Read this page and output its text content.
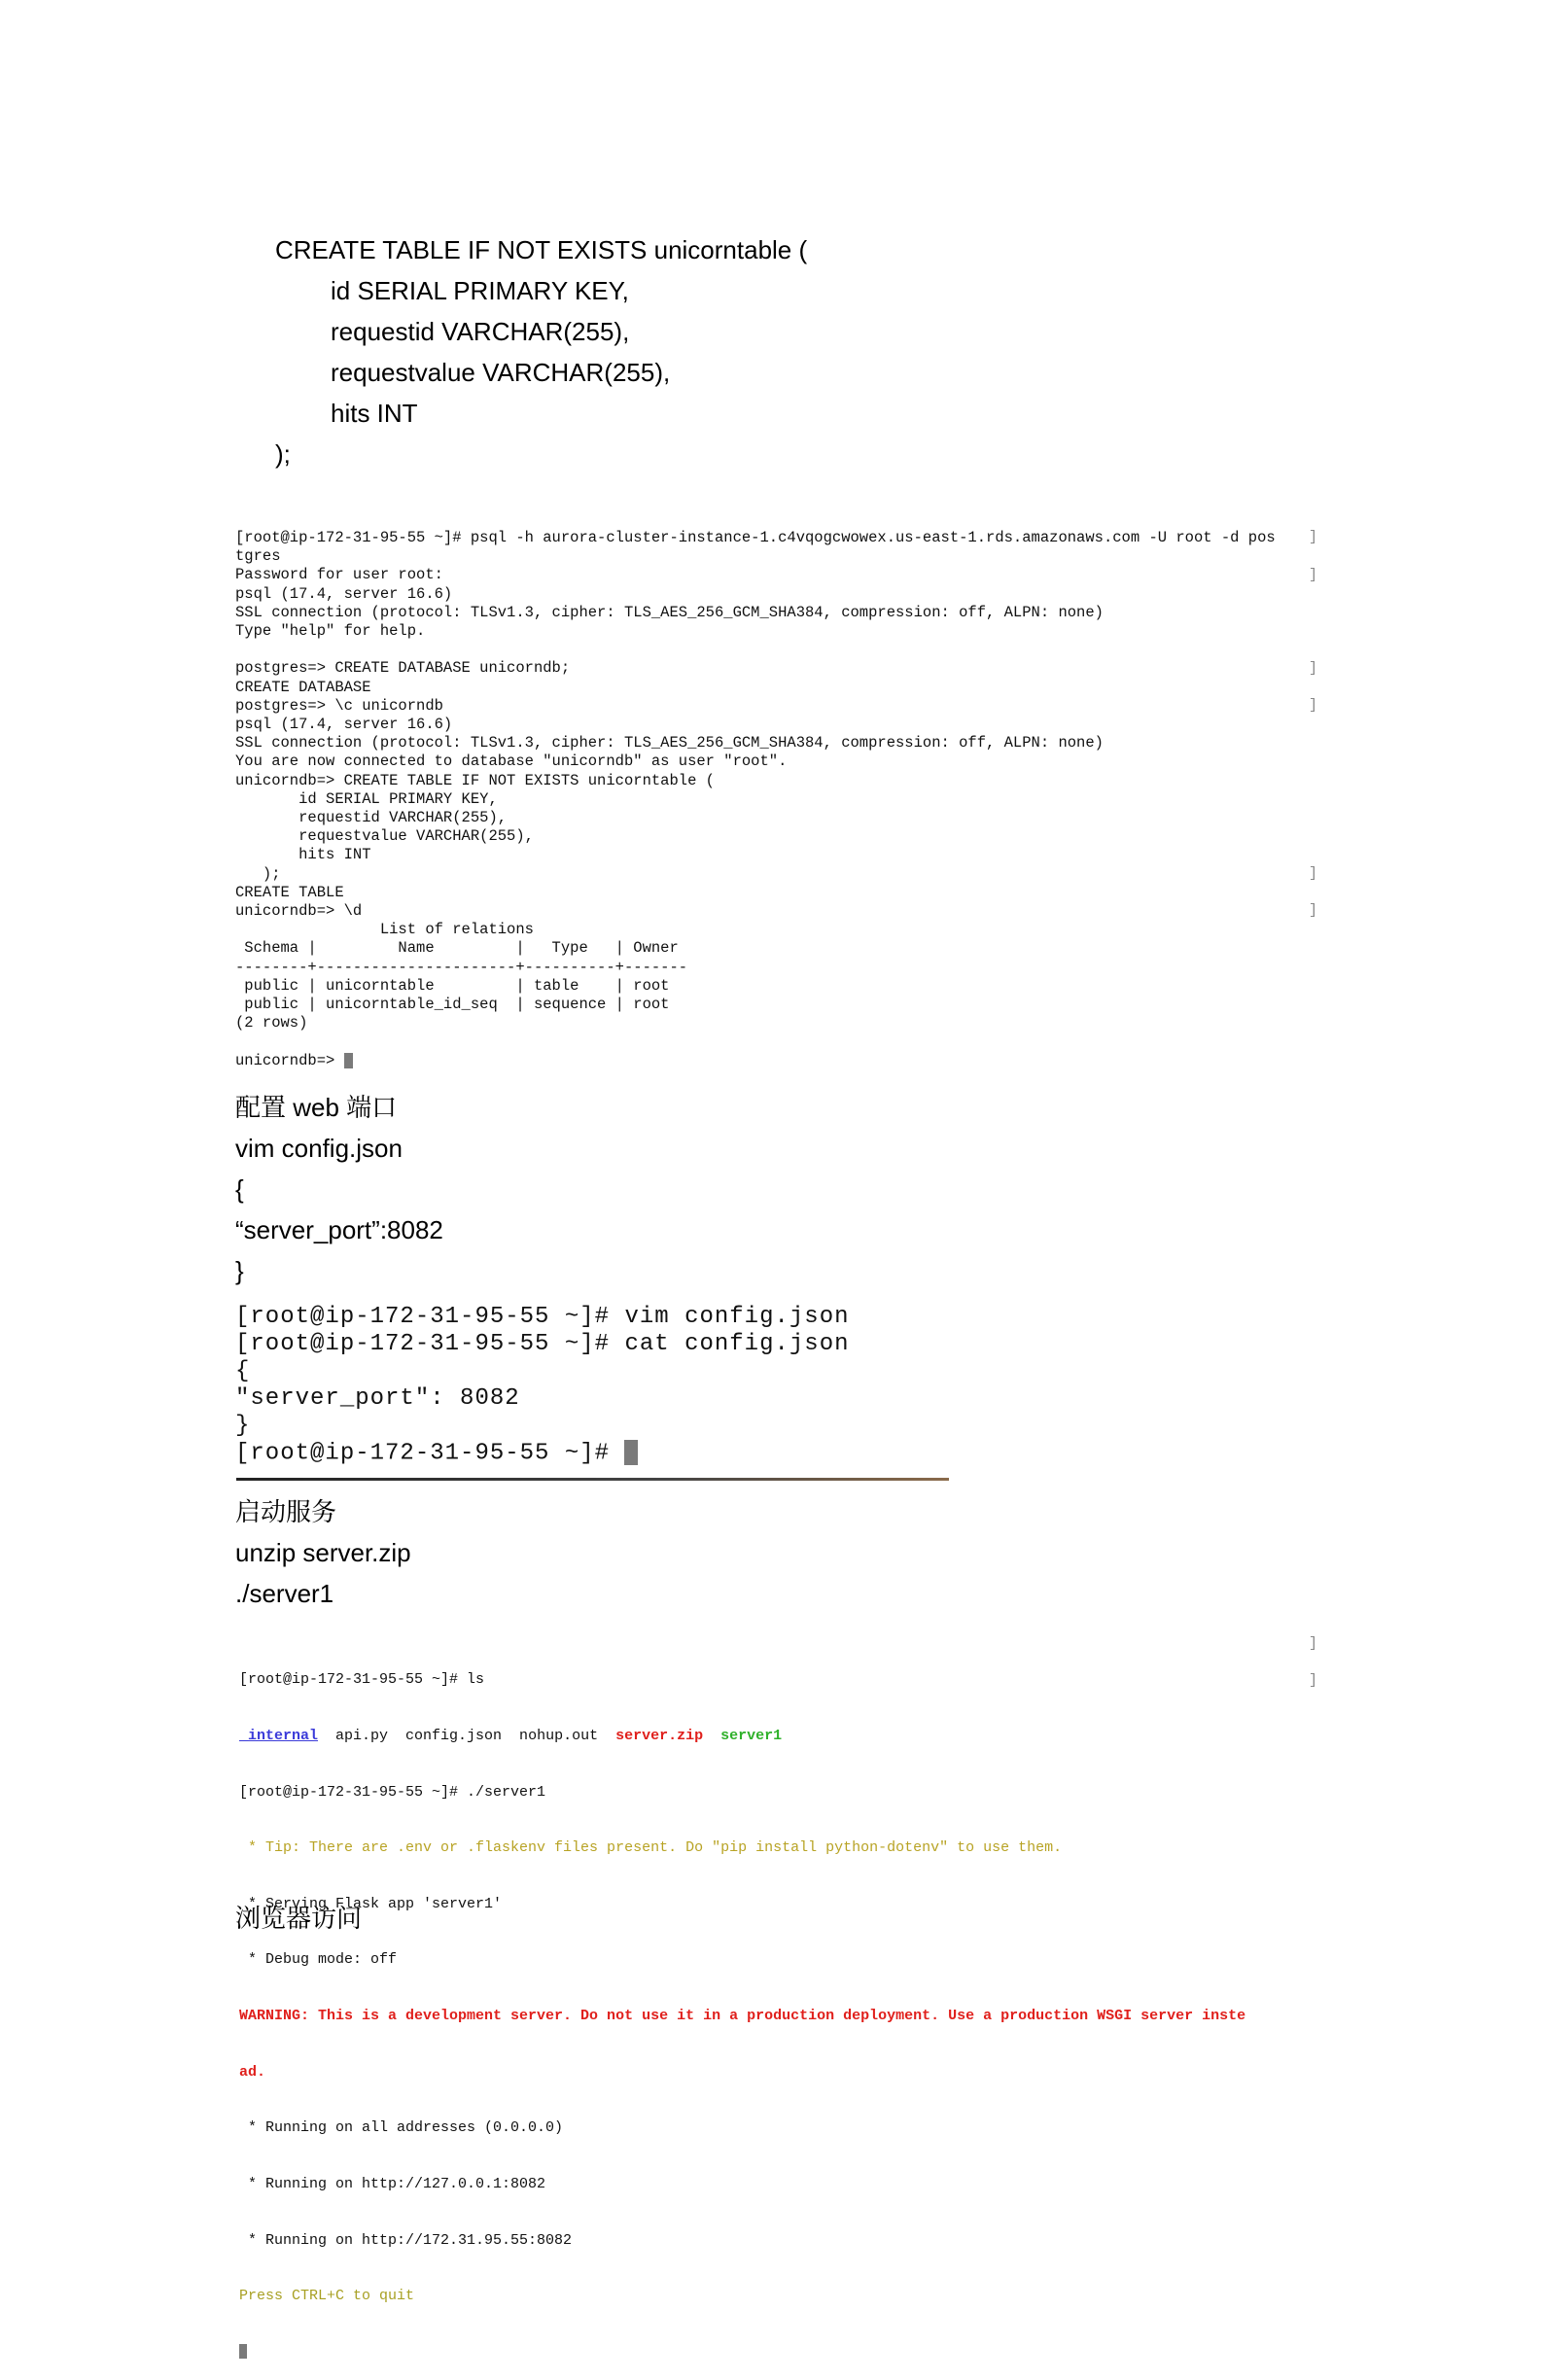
CREATE TABLE IF NOT EXISTS unicorntable (
id SERIAL PRIMARY KEY,
requestid VARCHAR(255),
requestvalue VARCHAR(255),
hits INT
);
[root@ip-172-31-95-55 ~]# psql -h aurora-cluster-instance-1.c4vqogcwowex.us-east-1.rds.amazonaws.com -U root -d pos
tgres
Password for user root:
psql (17.4, server 16.6)
SSL connection (protocol: TLSv1.3, cipher: TLS_AES_256_GCM_SHA384, compression: off, ALPN: none)
Type "help" for help.

postgres=> CREATE DATABASE unicorndb;
CREATE DATABASE
postgres=> \c unicorndb
psql (17.4, server 16.6)
SSL connection (protocol: TLSv1.3, cipher: TLS_AES_256_GCM_SHA384, compression: off, ALPN: none)
You are now connected to database "unicorndb" as user "root".
unicorndb=> CREATE TABLE IF NOT EXISTS unicorntable (
id SERIAL PRIMARY KEY,
requestid VARCHAR(255),
requestvalue VARCHAR(255),
hits INT
);
CREATE TABLE
unicorndb=> \d
List of relations
Schema |         Name         |   Type   | Owner
--------+----------------------+----------+-------
public | unicorntable         | table    | root
public | unicorntable_id_seq  | sequence | root
(2 rows)

unicorndb=>
]
]
]
]
]
]
配置 web 端口
vim config.json
{
“server_port”:8082
}
[root@ip-172-31-95-55 ~]# vim config.json
[root@ip-172-31-95-55 ~]# cat config.json
{
"server_port": 8082
}
[root@ip-172-31-95-55 ~]#
启动服务
unzip server.zip
./server1

[root@ip-172-31-95-55 ~]# ls

_internal api.py  config.json  nohup.out server.zip server1

[root@ip-172-31-95-55 ~]# ./server1

* Tip: There are .env or .flaskenv files present. Do "pip install python-dotenv" to use them.

* Serving Flask app 'server1'

* Debug mode: off

WARNING: This is a development server. Do not use it in a production deployment. Use a production WSGI server inste

ad.

* Running on all addresses (0.0.0.0)

* Running on http://127.0.0.1:8082

* Running on http://172.31.95.55:8082

Press CTRL+C to quit

]
]
浏览器访问
